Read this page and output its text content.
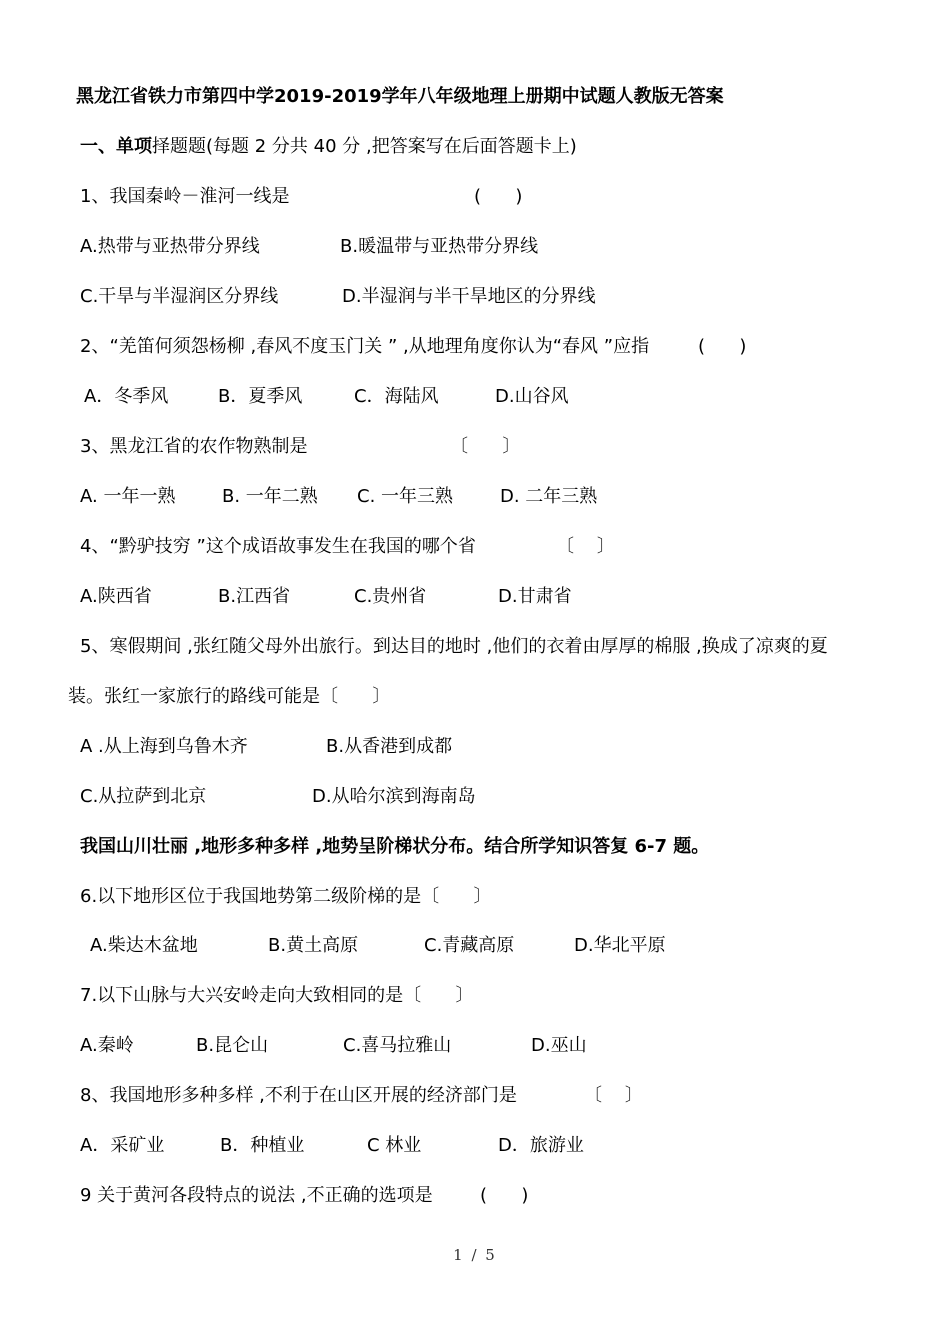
黑龙江省铁力市第四中学2019-2019学年八年级地理上册期中试题人教版无答案
一、单项择题题(每题 2 分共 40 分 ,把答案写在后面答题卡上)
1、我国秦岭－淮河一线是	(      )
A.热带与亚热带分界线	B.暖温带与亚热带分界线
C.干旱与半湿润区分界线	D.半湿润与半干旱地区的分界线
2、“羌笛何须怨杨柳 ,春风不度玉门关 ” ,从地理角度你认为“春风 ”应指	(      )
A．冬季风	B．夏季风	C．海陆风	D.山谷风
3、黑龙江省的农作物熟制是	〔      〕
A. 一年一熟	B. 一年二熟 C. 一年三熟	D. 二年三熟
4、“黔驴技穷 ”这个成语故事发生在我国的哪个省	〔    〕
A.陕西省	B.江西省	C.贵州省	D.甘肃省
5、寒假期间 ,张红随父母外出旅行。到达目的地时 ,他们的衣着由厚厚的棉服 ,换成了凉爽的夏
装。张红一家旅行的路线可能是〔      〕
A .从上海到乌鲁木齐	B.从香港到成都
C.从拉萨到北京	D.从哈尔滨到海南岛
我国山川壮丽 ,地形多种多样 ,地势呈阶梯状分布。结合所学知识答复 6-7 题。
6.以下地形区位于我国地势第二级阶梯的是〔      〕
A.柴达木盆地	B.黄土高原	C.青藏高原	D.华北平原
7.以下山脉与大兴安岭走向大致相同的是〔      〕
A.秦岭	B.昆仑山	C.喜马拉雅山	D.巫山
8、我国地形多种多样 ,不利于在山区开展的经济部门是	〔    〕
A．采矿业	B．种植业	C 林业	D．旅游业
9 关于黄河各段特点的说法 ,不正确的选项是	(      )
1 / 5
